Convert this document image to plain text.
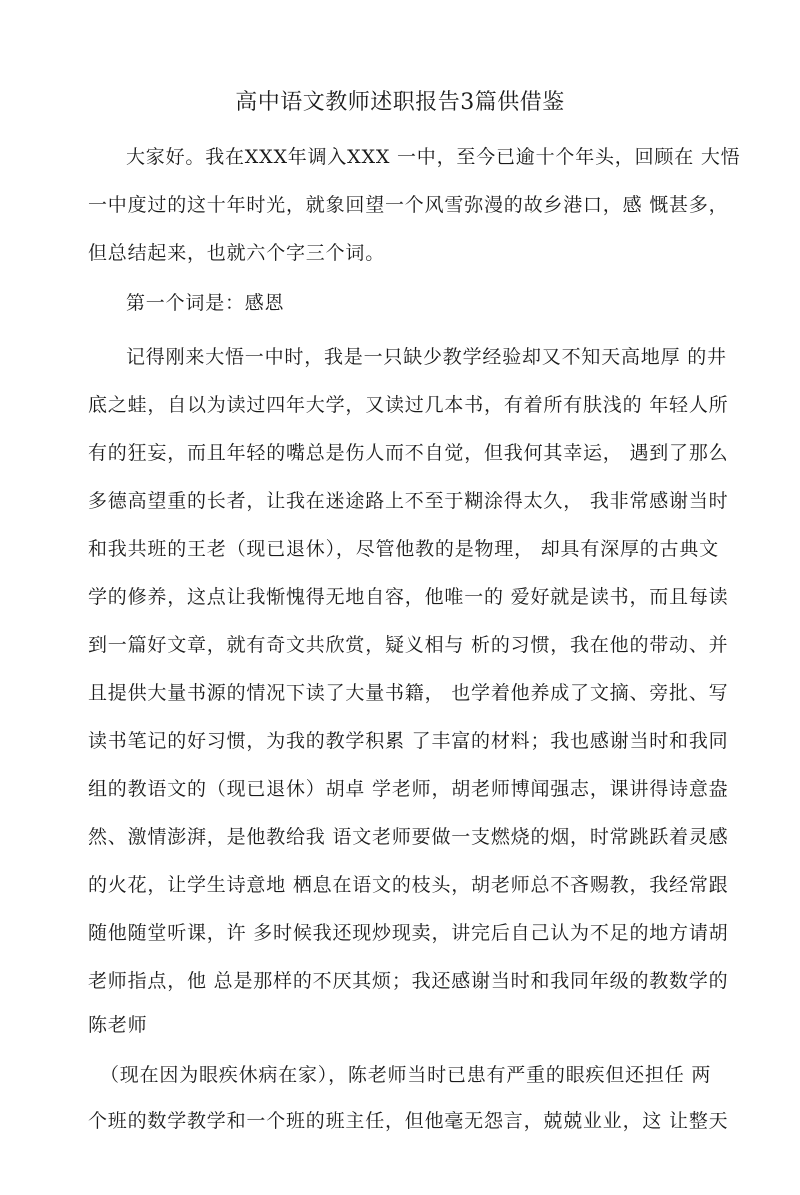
高中语文教师述职报告3篇供借鉴
大家好。我在XXX年调入XXX 一中，至今已逾十个年头，回顾在 大悟
一中度过的这十年时光，就象回望一个风雪弥漫的故乡港口，感 慨甚多，
但总结起来，也就六个字三个词。
第一个词是：感恩
记得刚来大悟一中时，我是一只缺少教学经验却又不知天高地厚 的井
底之蛙，自以为读过四年大学，又读过几本书，有着所有肤浅的 年轻人所
有的狂妄，而且年轻的嘴总是伤人而不自觉，但我何其幸运， 遇到了那么
多德高望重的长者，让我在迷途路上不至于糊涂得太久， 我非常感谢当时
和我共班的王老（现已退休），尽管他教的是物理， 却具有深厚的古典文
学的修养，这点让我惭愧得无地自容，他唯一的 爱好就是读书，而且每读
到一篇好文章，就有奇文共欣赏，疑义相与 析的习惯，我在他的带动、并
且提供大量书源的情况下读了大量书籍， 也学着他养成了文摘、旁批、写
读书笔记的好习惯，为我的教学积累 了丰富的材料；我也感谢当时和我同
组的教语文的（现已退休）胡卓 学老师，胡老师博闻强志，课讲得诗意盎
然、激情澎湃，是他教给我 语文老师要做一支燃烧的烟，时常跳跃着灵感
的火花，让学生诗意地 栖息在语文的枝头，胡老师总不吝赐教，我经常跟
随他随堂听课，许 多时候我还现炒现卖，讲完后自己认为不足的地方请胡
老师指点，他 总是那样的不厌其烦；我还感谢当时和我同年级的教数学的
陈老师
（现在因为眼疾休病在家），陈老师当时已患有严重的眼疾但还担任 两
个班的数学教学和一个班的班主任，但他毫无怨言，兢兢业业，这 让整天
